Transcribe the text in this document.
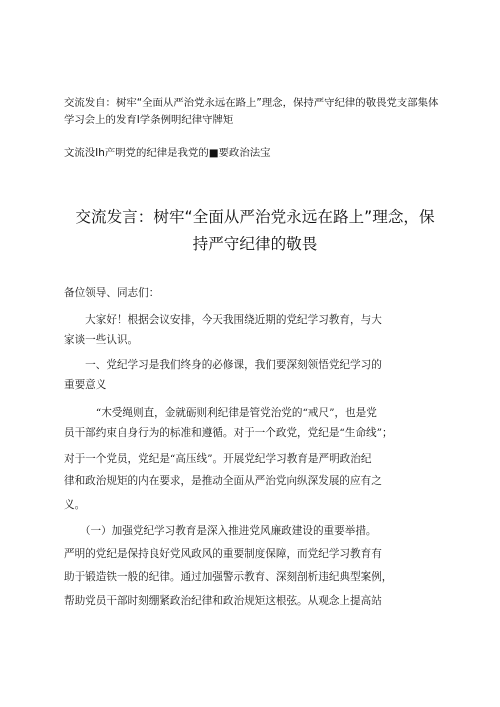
交流发自：树牢“全面从严治党永远在路上”理念，保持严守纪律的敬畏党支部集体
学习会上的发育Ⅰ学条例明纪律守牌矩
文流没Ⅰh产明党的纪律是我党的■要政治法宝
交流发言：树牢“全面从严治党永远在路上”理念，保
持严守纪律的敬畏
备位领导、同志们：
　　大家好！根据会议安排，今天我围绕近期的党纪学习教育，与大
家谈一些认识。
　　一、党纪学习是我们终身的必修课，我们要深刻领悟党纪学习的
重要意义
　　　“木受绳则直，金就砺则利纪律是管党治党的“戒尺”，也是党
员干部约束自身行为的标准和遵循。对于一个政党，党纪是“生命线”；
对于一个党员，党纪是“高压线”。开展党纪学习教育是严明政治纪
律和政治规矩的内在要求，是推动全面从严治党向纵深发展的应有之
义。
　　（一）加强党纪学习教育是深入推进党风廉政建设的重要举措。
严明的党纪是保持良好党风政风的重要制度保障，而党纪学习教育有
助于锻造铁一般的纪律。通过加强警示教育、深刻剖析违纪典型案例，
帮助党员干部时刻绷紧政治纪律和政治规矩这根弦。从观念上提高站
